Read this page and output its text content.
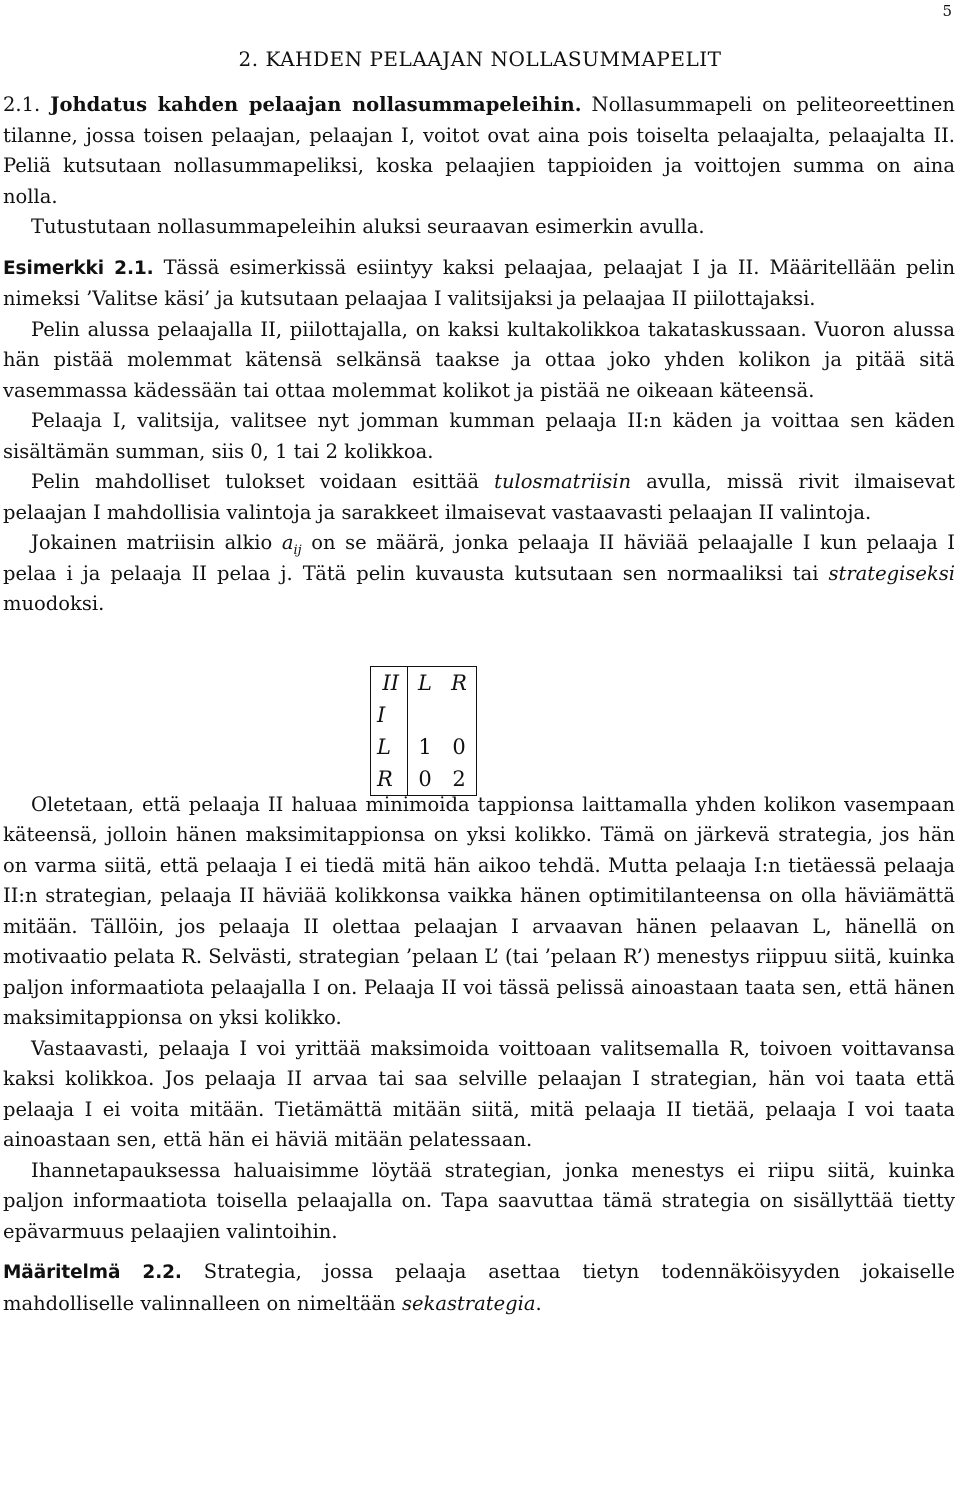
5
2. KAHDEN PELAAJAN NOLLASUMMAPELIT

2.1. Johdatus kahden pelaajan nollasummapeleihin. Nollasummapeli on peliteoreettinen tilanne, jossa toisen pelaajan, pelaajan I, voitot ovat aina pois toiselta pelaajalta, pelaajalta II. Peliä kutsutaan nollasummapeliksi, koska pelaajien tappioiden ja voittojen summa on aina nolla.

Tutustutaan nollasummapeleihin aluksi seuraavan esimerkin avulla.

Esimerkki 2.1. Tässä esimerkissä esiintyy kaksi pelaajaa, pelaajat I ja II. Määritellään pelin nimeksi ’Valitse käsi’ ja kutsutaan pelaajaa I valitsijaksi ja pelaajaa II piilottajaksi.

Pelin alussa pelaajalla II, piilottajalla, on kaksi kultakolikkoa takataskussaan. Vuoron alussa hän pistää molemmat kätensä selkänsä taakse ja ottaa joko yhden kolikon ja pitää sitä vasemmassa kädessään tai ottaa molemmat kolikot ja pistää ne oikeaan käteensä.

Pelaaja I, valitsija, valitsee nyt jomman kumman pelaaja II:n käden ja voittaa sen käden sisältämän summan, siis 0, 1 tai 2 kolikkoa.

Pelin mahdolliset tulokset voidaan esittää tulosmatriisin avulla, missä rivit ilmaisevat pelaajan I mahdollisia valintoja ja sarakkeet ilmaisevat vastaavasti pelaajan II valintoja.

Jokainen matriisin alkio $a_{ij}$ on se määrä, jonka pelaaja II häviää pelaajalle I kun pelaaja I pelaa i ja pelaaja II pelaa j. Tätä pelin kuvausta kutsutaan sen normaaliksi tai strategiseksi muodoksi.

II	L	R
I		
L	1	0
R	0	2

Oletetaan, että pelaaja II haluaa minimoida tappionsa laittamalla yhden kolikon vasempaan käteensä, jolloin hänen maksimitappionsa on yksi kolikko. Tämä on järkevä strategia, jos hän on varma siitä, että pelaaja I ei tiedä mitä hän aikoo tehdä. Mutta pelaaja I:n tietäessä pelaaja II:n strategian, pelaaja II häviää kolikkonsa vaikka hänen optimitilanteensa on olla häviämättä mitään. Tällöin, jos pelaaja II olettaa pelaajan I arvaavan hänen pelaavan L, hänellä on motivaatio pelata R. Selvästi, strategian ’pelaan L’ (tai ’pelaan R’) menestys riippuu siitä, kuinka paljon informaatiota pelaajalla I on. Pelaaja II voi tässä pelissä ainoastaan taata sen, että hänen maksimitappionsa on yksi kolikko.

Vastaavasti, pelaaja I voi yrittää maksimoida voittoaan valitsemalla R, toivoen voittavansa kaksi kolikkoa. Jos pelaaja II arvaa tai saa selville pelaajan I strategian, hän voi taata että pelaaja I ei voita mitään. Tietämättä mitään siitä, mitä pelaaja II tietää, pelaaja I voi taata ainoastaan sen, että hän ei häviä mitään pelatessaan.

Ihannetapauksessa haluaisimme löytää strategian, jonka menestys ei riipu siitä, kuinka paljon informaatiota toisella pelaajalla on. Tapa saavuttaa tämä strategia on sisällyttää tietty epävarmuus pelaajien valintoihin.

Määritelmä 2.2. Strategia, jossa pelaaja asettaa tietyn todennäköisyyden jokaiselle mahdolliselle valinnalleen on nimeltään sekastrategia.
